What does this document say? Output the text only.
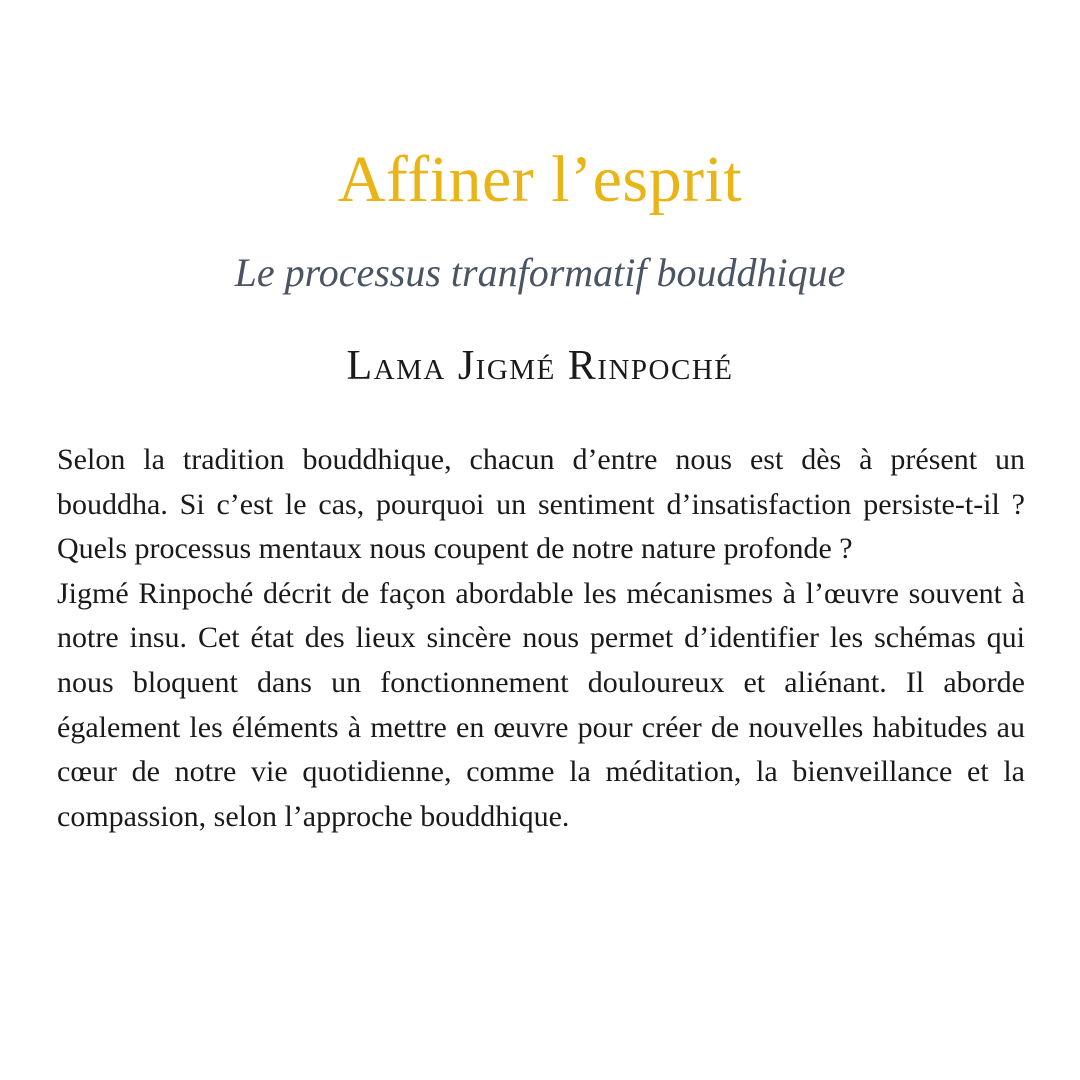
Affiner l’esprit
Le processus tranformatif bouddhique
Lama Jigmé Rinpoché

Selon la tradition bouddhique, chacun d’entre nous est dès à présent un bouddha. Si c’est le cas, pourquoi un sentiment d’insatisfaction persiste-t-il ? Quels processus mentaux nous coupent de notre nature profonde ?

Jigmé Rinpoché décrit de façon abordable les mécanismes à l’œuvre souvent à notre insu. Cet état des lieux sincère nous permet d’identifier les schémas qui nous bloquent dans un fonctionnement douloureux et aliénant. Il aborde également les éléments à mettre en œuvre pour créer de nouvelles habitudes au cœur de notre vie quotidienne, comme la méditation, la bienveillance et la compassion, selon l’approche bouddhique.
